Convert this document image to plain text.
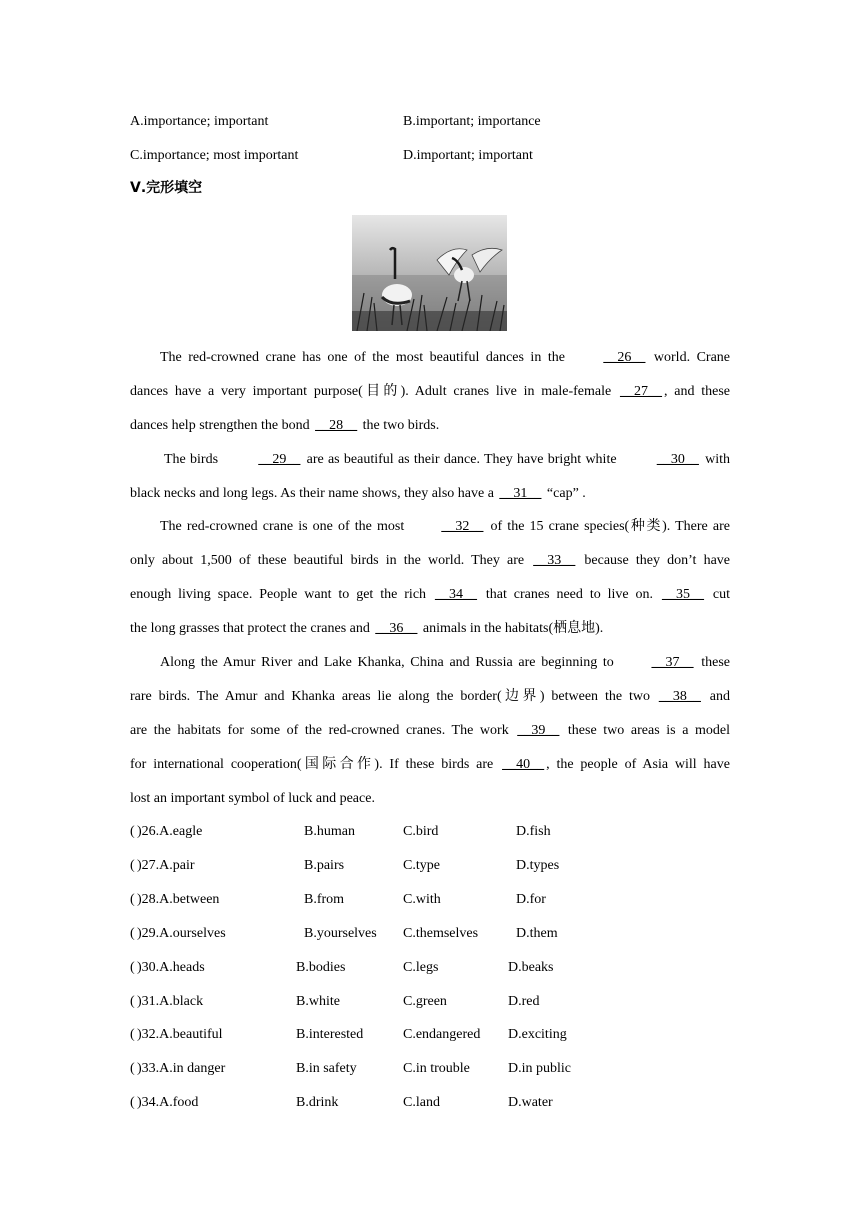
A.importance; important	B.important; importance
C.importance; most important	D.important; important
Ⅴ.完形填空
The red-crowned crane has one of the most beautiful dances in the __26__ world. Crane
dances have a very important purpose(目的). Adult cranes live in male-female __27__ , and these
dances help strengthen the bond __28__ the two birds.
The birds	__29__ are as beautiful as their dance. They have bright white	__30__ with
black necks and long legs. As their name shows, they also have a __31__ “cap” .
The red-crowned crane is one of the most __32__ of the 15 crane species(种类). There are
only about 1,500 of these beautiful birds in the world. They are __33__ because they don’t have
enough living space. People want to get the rich __34__ that cranes need to live on. __35__ cut
the long grasses that protect the cranes and __36__ animals in the habitats(栖息地).
Along the Amur River and Lake Khanka, China and Russia are beginning to __37__ these
rare birds. The Amur and Khanka areas lie along the border(边界) between the two __38__ and
are the habitats for some of the red-crowned cranes. The work __39__ these two areas is a model
for international cooperation(国际合作). If these birds are __40__ , the people of Asia will have
lost an important symbol of luck and peace.
( )26.A.eagle	B.human	C.bird	D.fish
( )27.A.pair	B.pairs	C.type	D.types
( )28.A.between	B.from	C.with	D.for
( )29.A.ourselves	B.yourselves C.themselves	D.them
( )30.A.heads	B.bodies	C.legs	D.beaks
( )31.A.black	B.white	C.green	D.red
( )32.A.beautiful	B.interested	C.endangered D.exciting
( )33.A.in danger	B.in safety	C.in trouble	D.in public
( )34.A.food	B.drink	C.land	D.water
